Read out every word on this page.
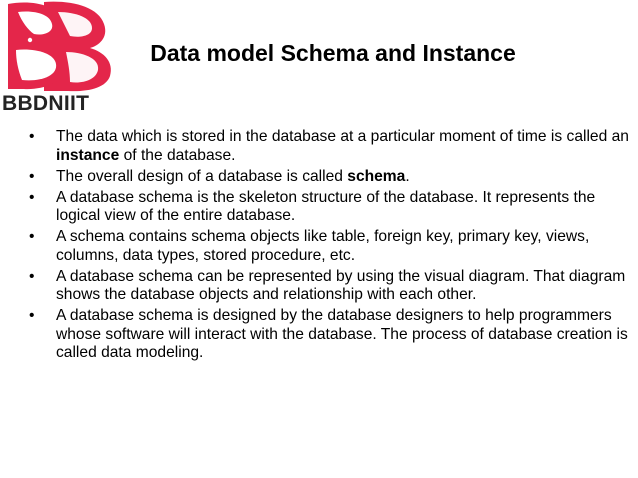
BBDNIIT
Data model Schema and Instance
• The data which is stored in the database at a particular moment of time is called an instance of the database.
• The overall design of a database is called schema.
• A database schema is the skeleton structure of the database. It represents the logical view of the entire database.
• A schema contains schema objects like table, foreign key, primary key, views, columns, data types, stored procedure, etc.
• A database schema can be represented by using the visual diagram. That diagram shows the database objects and relationship with each other.
• A database schema is designed by the database designers to help programmers whose software will interact with the database. The process of database creation is called data modeling.
